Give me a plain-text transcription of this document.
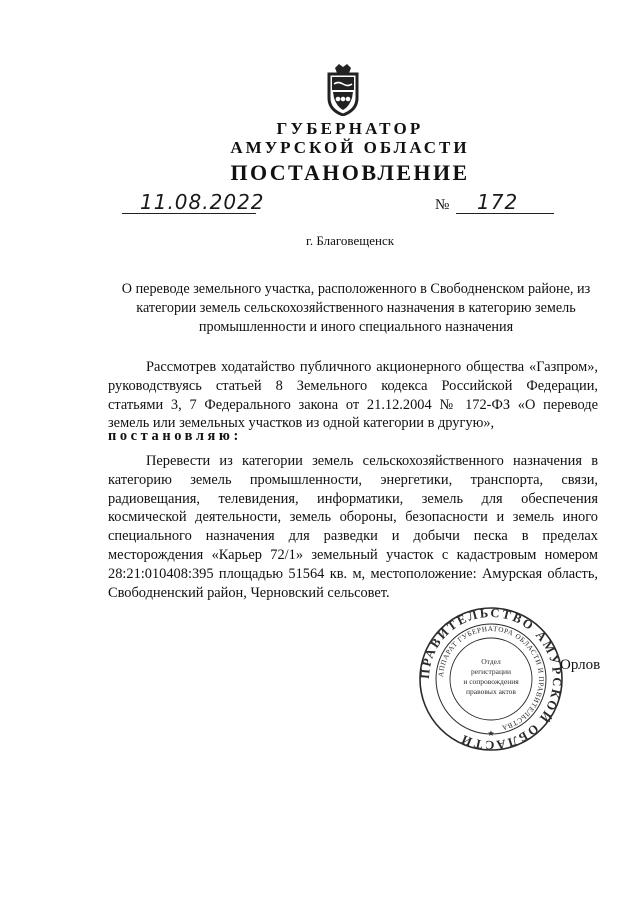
ГУБЕРНАТОР
АМУРСКОЙ ОБЛАСТИ
ПОСТАНОВЛЕНИЕ
11.08.2022	№ 172
г. Благовещенск
О переводе земельного участка, расположенного в Свободненском районе, из
категории земель сельскохозяйственного назначения в категорию земель
промышленности и иного специального назначения
Рассмотрев ходатайство публичного акционерного общества «Газпром»,
руководствуясь статьей 8 Земельного кодекса Российской Федерации,
статьями 3, 7 Федерального закона от 21.12.2004 № 172-ФЗ «О переводе
земель или земельных участков из одной категории в другую»,
постановляю:
Перевести из категории земель сельскохозяйственного назначения в
категорию земель промышленности, энергетики, транспорта, связи,
радиовещания, телевидения, информатики, земель для обеспечения
космической деятельности, земель обороны, безопасности и земель иного
специального назначения для разведки и добычи песка в пределах
месторождения «Карьер 72/1» земельный участок с кадастровым номером
28:21:010408:395 площадью 51564 кв. м, местоположение: Амурская область,
Свободненский район, Черновский сельсовет.
ПРАВИТЕЛЬСТВО АМУРСКОЙ ОБЛАСТИ
АППАРАТ ГУБЕРНАТОРА ОБЛАСТИ И ПРАВИТЕЛЬСТВА
Отдел
регистрации
и сопровождения
правовых актов
★
Орлов
